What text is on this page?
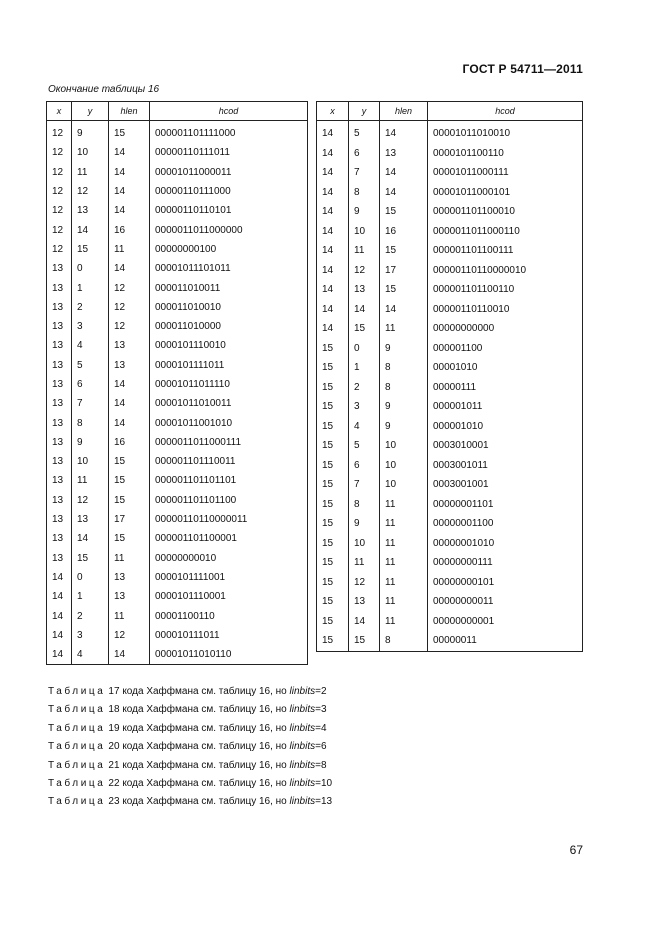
ГОСТ Р 54711—2011
Окончание таблицы 16
x	y	hlen	hcod
12	9	15	000001101111000
12	10	14	00000110111011
12	11	14	00001011000011
12	12	14	00000110111000
12	13	14	00000110110101
12	14	16	0000011011000000
12	15	11	00000000100
13	0	14	00001011101011
13	1	12	000011010011
13	2	12	000011010010
13	3	12	000011010000
13	4	13	0000101110010
13	5	13	0000101111011
13	6	14	00001011011110
13	7	14	00001011010011
13	8	14	00001011001010
13	9	16	0000011011000111
13	10	15	000001101110011
13	11	15	000001101101101
13	12	15	000001101101100
13	13	17	00000110110000011
13	14	15	000001101100001
13	15	11	00000000010
14	0	13	0000101111001
14	1	13	0000101110001
14	2	11	00001100110
14	3	12	000010111011
14	4	14	00001011010110
x	y	hlen	hcod
14	5	14	00001011010010
14	6	13	0000101100110
14	7	14	00001011000111
14	8	14	00001011000101
14	9	15	000001101100010
14	10	16	0000011011000110
14	11	15	000001101100111
14	12	17	00000110110000010
14	13	15	000001101100110
14	14	14	00000110110010
14	15	11	00000000000
15	0	9	000001100
15	1	8	00001010
15	2	8	00000111
15	3	9	000001011
15	4	9	000001010
15	5	10	0003010001
15	6	10	0003001011
15	7	10	0003001001
15	8	11	00000001101
15	9	11	00000001100
15	10	11	00000001010
15	11	11	00000000111
15	12	11	00000000101
15	13	11	00000000011
15	14	11	00000000001
15	15	8	00000011
Таблица 17 кода Хаффмана см. таблицу 16, но linbits=2
Таблица 18 кода Хаффмана см. таблицу 16, но linbits=3
Таблица 19 кода Хаффмана см. таблицу 16, но linbits=4
Таблица 20 кода Хаффмана см. таблицу 16, но linbits=6
Таблица 21 кода Хаффмана см. таблицу 16, но linbits=8
Таблица 22 кода Хаффмана см. таблицу 16, но linbits=10
Таблица 23 кода Хаффмана см. таблицу 16, но linbits=13
67
